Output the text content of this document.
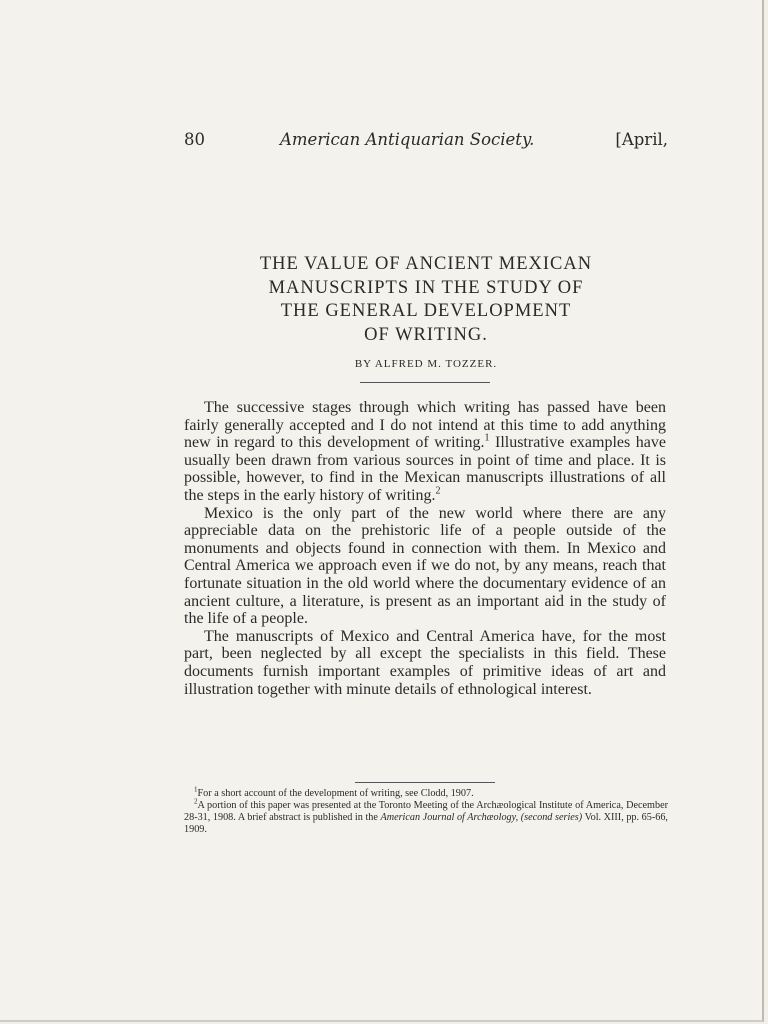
80	American Antiquarian Society.	[April,
THE VALUE OF ANCIENT MEXICAN
MANUSCRIPTS IN THE STUDY OF
THE GENERAL DEVELOPMENT
OF WRITING.
BY ALFRED M. TOZZER.

The successive stages through which writing has passed have been fairly generally accepted and I do not intend at this time to add anything new in regard to this development of writing.$^1$ Illustrative examples have usually been drawn from various sources in point of time and place. It is possible, however, to find in the Mexican manuscripts illustrations of all the steps in the early history of writing.$^2$

Mexico is the only part of the new world where there are any appreciable data on the prehistoric life of a people outside of the monuments and objects found in connection with them. In Mexico and Central America we approach even if we do not, by any means, reach that fortunate situation in the old world where the documentary evidence of an ancient culture, a literature, is present as an important aid in the study of the life of a people.

The manuscripts of Mexico and Central America have, for the most part, been neglected by all except the specialists in this field. These documents furnish important examples of primitive ideas of art and illustration together with minute details of ethnological interest.

$^1$For a short account of the development of writing, see Clodd, 1907.

$^2$A portion of this paper was presented at the Toronto Meeting of the Archæological Institute of America, December 28-31, 1908. A brief abstract is published in the American Journal of Archæology, (second series) Vol. XIII, pp. 65-66, 1909.
